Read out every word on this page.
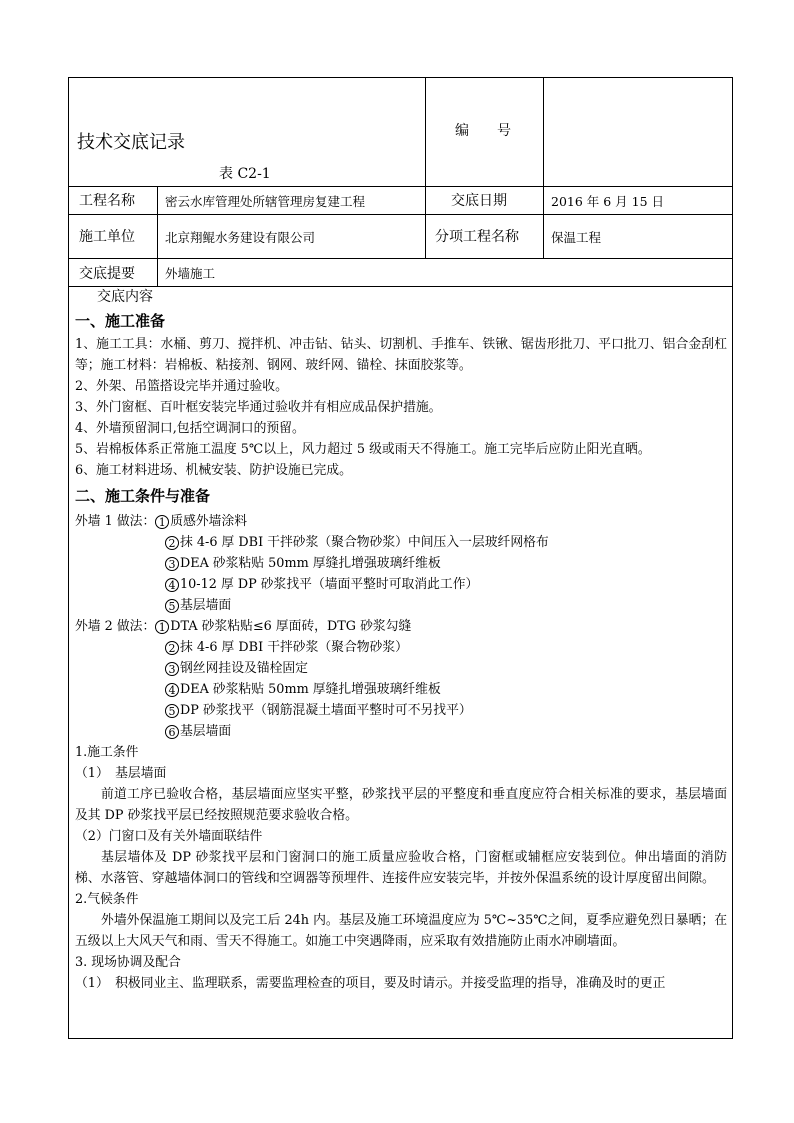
技术交底记录
表 C2-1
编　　号
工程名称 密云水库管理处所辖管理房复建工程	交底日期	2016 年 6 月 15 日
施工单位 北京翔鲲水务建设有限公司	分项工程名称	保温工程
交底提要 外墙施工

交底内容

一、施工准备

1、施工工具：水桶、剪刀、搅拌机、冲击钻、钻头、切割机、手推车、铁锹、锯齿形批刀、平口批刀、铝合金刮杠等；施工材料：岩棉板、粘接剂、钢网、玻纤网、锚栓、抹面胶浆等。

2、外架、吊篮搭设完毕并通过验收。

3、外门窗框、百叶框安装完毕通过验收并有相应成品保护措施。

4、外墙预留洞口,包括空调洞口的预留。

5、岩棉板体系正常施工温度 5℃以上，风力超过 5 级或雨天不得施工。施工完毕后应防止阳光直晒。

6、施工材料进场、机械安装、防护设施已完成。

二、施工条件与准备

外墙 1 做法： 1 质感外墙涂料

2 抹 4-6 厚 DBI 干拌砂浆（聚合物砂浆）中间压入一层玻纤网格布

3 DEA 砂浆粘贴 50mm 厚缝扎增强玻璃纤维板

4 10-12 厚 DP 砂浆找平（墙面平整时可取消此工作）

5 基层墙面

外墙 2 做法： 1 DTA 砂浆粘贴≤6 厚面砖，DTG 砂浆勾缝

2 抹 4-6 厚 DBI 干拌砂浆（聚合物砂浆）

3 钢丝网挂设及锚栓固定

4 DEA 砂浆粘贴 50mm 厚缝扎增强玻璃纤维板

5 DP 砂浆找平（钢筋混凝土墙面平整时可不另找平）

6 基层墙面

1.施工条件

（1）　基层墙面

前道工序已验收合格，基层墙面应坚实平整，砂浆找平层的平整度和垂直度应符合相关标准的要求，基层墙面及其 DP 砂浆找平层已经按照规范要求验收合格。

（2）门窗口及有关外墙面联结件

基层墙体及 DP 砂浆找平层和门窗洞口的施工质量应验收合格，门窗框或辅框应安装到位。伸出墙面的消防梯、水落管、穿越墙体洞口的管线和空调器等预埋件、连接件应安装完毕，并按外保温系统的设计厚度留出间隙。

2.气候条件

外墙外保温施工期间以及完工后 24h 内。基层及施工环境温度应为 5℃~35℃之间，夏季应避免烈日暴晒；在五级以上大风天气和雨、雪天不得施工。如施工中突遇降雨，应采取有效措施防止雨水冲刷墙面。

3. 现场协调及配合

（1）　积极同业主、监理联系，需要监理检查的项目，要及时请示。并接受监理的指导，准确及时的更正
